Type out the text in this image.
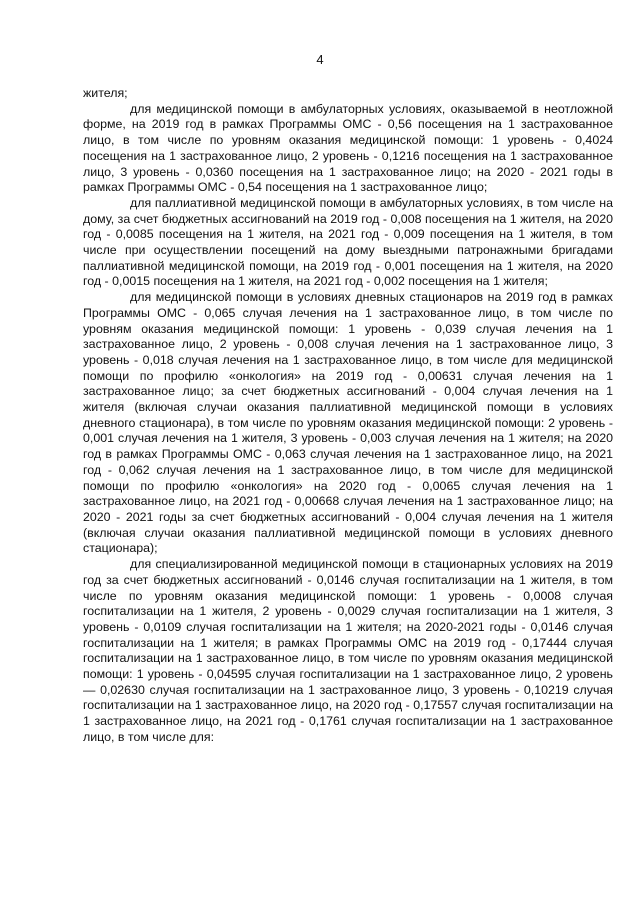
4

жителя;

для медицинской помощи в амбулаторных условиях, оказываемой в неотложной форме, на 2019 год в рамках Программы ОМС - 0,56 посещения на 1 застрахованное лицо, в том числе по уровням оказания медицинской помощи: 1 уровень - 0,4024 посещения на 1 застрахованное лицо, 2 уровень - 0,1216 посещения на 1 застрахованное лицо, 3 уровень - 0,0360 посещения на 1 застрахованное лицо; на 2020 - 2021 годы в рамках Программы ОМС - 0,54 посещения на 1 застрахованное лицо;

для паллиативной медицинской помощи в амбулаторных условиях, в том числе на дому, за счет бюджетных ассигнований на 2019 год - 0,008 посещения на 1 жителя, на 2020 год - 0,0085 посещения на 1 жителя, на 2021 год - 0,009 посещения на 1 жителя, в том числе при осуществлении посещений на дому выездными патронажными бригадами паллиативной медицинской помощи, на 2019 год - 0,001 посещения на 1 жителя, на 2020 год - 0,0015 посещения на 1 жителя, на 2021 год - 0,002 посещения на 1 жителя;

для медицинской помощи в условиях дневных стационаров на 2019 год в рамках Программы ОМС - 0,065 случая лечения на 1 застрахованное лицо, в том числе по уровням оказания медицинской помощи: 1 уровень - 0,039 случая лечения на 1 застрахованное лицо, 2 уровень - 0,008 случая лечения на 1 застрахованное лицо, 3 уровень - 0,018 случая лечения на 1 застрахованное лицо, в том числе для медицинской помощи по профилю «онкология» на 2019 год - 0,00631 случая лечения на 1 застрахованное лицо; за счет бюджетных ассигнований - 0,004 случая лечения на 1 жителя (включая случаи оказания паллиативной медицинской помощи в условиях дневного стационара), в том числе по уровням оказания медицинской помощи: 2 уровень - 0,001 случая лечения на 1 жителя, 3 уровень - 0,003 случая лечения на 1 жителя; на 2020 год в рамках Программы ОМС - 0,063 случая лечения на 1 застрахованное лицо, на 2021 год - 0,062 случая лечения на 1 застрахованное лицо, в том числе для медицинской помощи по профилю «онкология» на 2020 год - 0,0065 случая лечения на 1 застрахованное лицо, на 2021 год - 0,00668 случая лечения на 1 застрахованное лицо; на 2020 - 2021 годы за счет бюджетных ассигнований - 0,004 случая лечения на 1 жителя (включая случаи оказания паллиативной медицинской помощи в условиях дневного стационара);

для специализированной медицинской помощи в стационарных условиях на 2019 год за счет бюджетных ассигнований - 0,0146 случая госпитализации на 1 жителя, в том числе по уровням оказания медицинской помощи: 1 уровень - 0,0008 случая госпитализации на 1 жителя, 2 уровень - 0,0029 случая госпитализации на 1 жителя, 3 уровень - 0,0109 случая госпитализации на 1 жителя; на 2020-2021 годы - 0,0146 случая госпитализации на 1 жителя; в рамках Программы ОМС на 2019 год - 0,17444 случая госпитализации на 1 застрахованное лицо, в том числе по уровням оказания медицинской помощи: 1 уровень - 0,04595 случая госпитализации на 1 застрахованное лицо, 2 уровень — 0,02630 случая госпитализации на 1 застрахованное лицо, 3 уровень - 0,10219 случая госпитализации на 1 застрахованное лицо, на 2020 год - 0,17557 случая госпитализации на 1 застрахованное лицо, на 2021 год - 0,1761 случая госпитализации на 1 застрахованное лицо, в том числе для:
